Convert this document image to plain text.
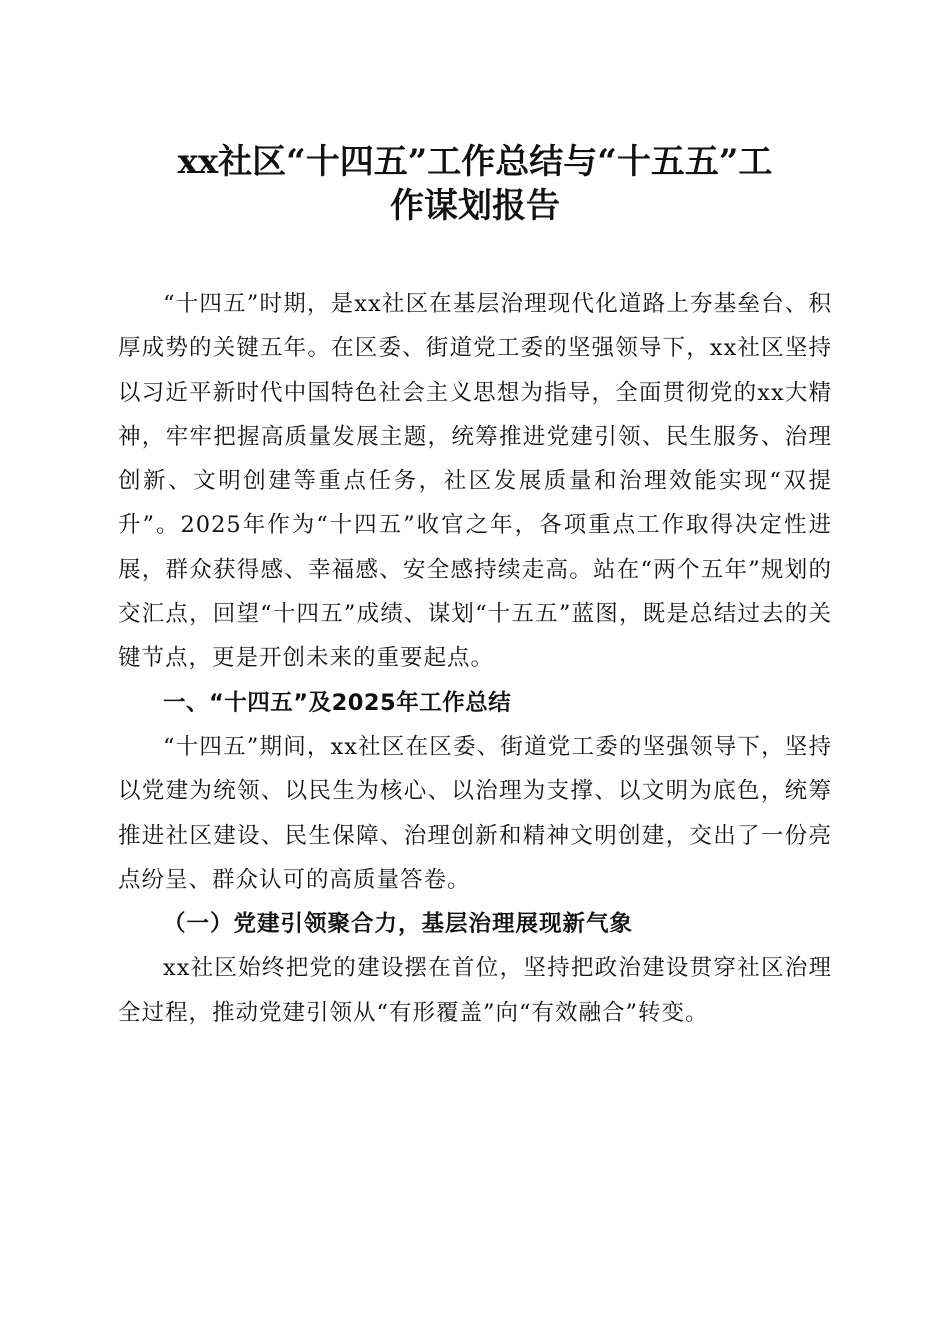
xx社区“十四五”工作总结与“十五五”工
作谋划报告

“十四五”时期，是xx社区在基层治理现代化道路上夯基垒台、积厚成势的关键五年。在区委、街道党工委的坚强领导下，xx社区坚持以习近平新时代中国特色社会主义思想为指导，全面贯彻党的xx大精神，牢牢把握高质量发展主题，统筹推进党建引领、民生服务、治理创新、文明创建等重点任务，社区发展质量和治理效能实现“双提升”。2025年作为“十四五”收官之年，各项重点工作取得决定性进展，群众获得感、幸福感、安全感持续走高。站在“两个五年”规划的交汇点，回望“十四五”成绩、谋划“十五五”蓝图，既是总结过去的关键节点，更是开创未来的重要起点。

一、“十四五”及2025年工作总结

“十四五”期间，xx社区在区委、街道党工委的坚强领导下，坚持以党建为统领、以民生为核心、以治理为支撑、以文明为底色，统筹推进社区建设、民生保障、治理创新和精神文明创建，交出了一份亮点纷呈、群众认可的高质量答卷。

（一）党建引领聚合力，基层治理展现新气象

xx社区始终把党的建设摆在首位，坚持把政治建设贯穿社区治理全过程，推动党建引领从“有形覆盖”向“有效融合”转变。
